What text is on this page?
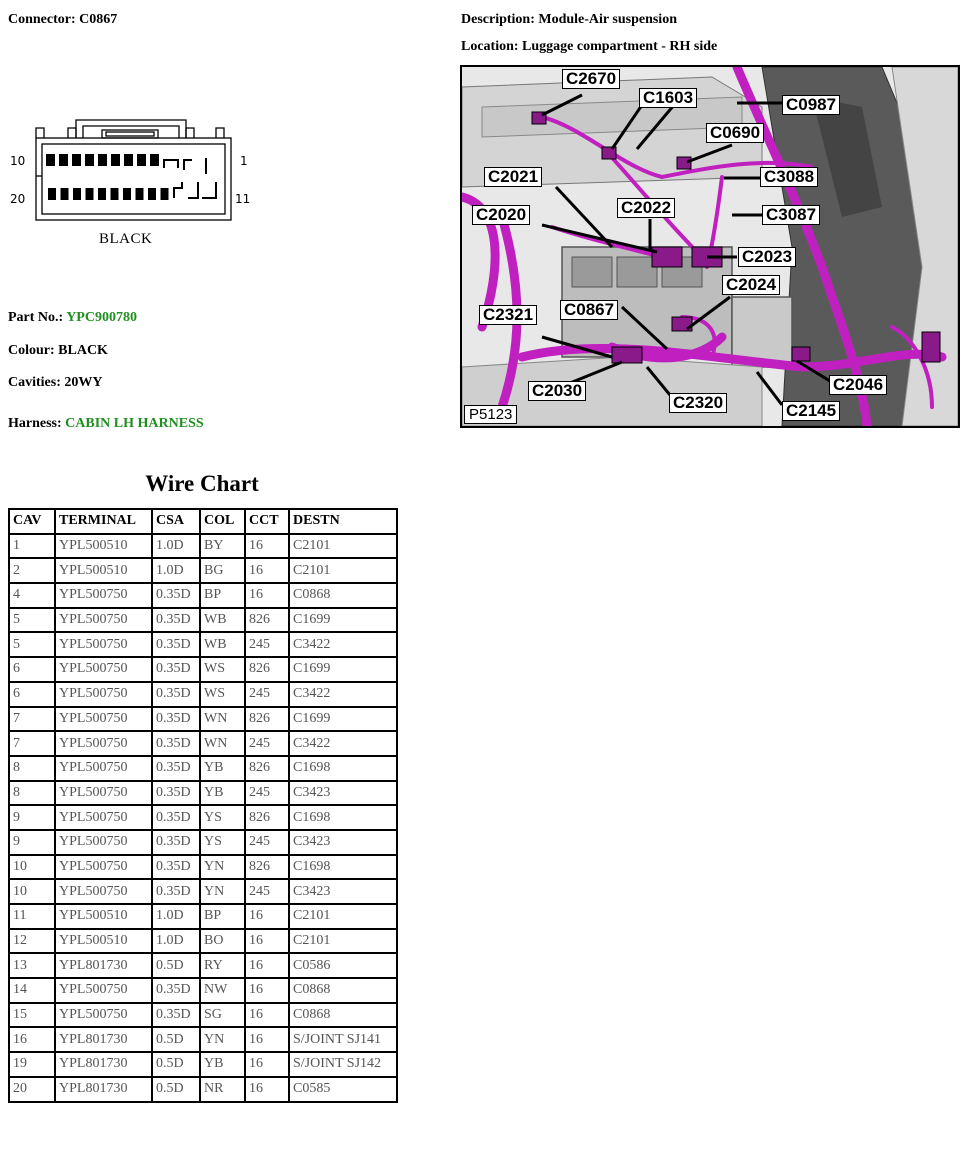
Connector: C0867	Description: Module-Air suspension
Location: Luggage compartment - RH side
10	1
20	11
BLACK
Part No.: YPC900780
Colour: BLACK
Cavities: 20WY
Harness: CABIN LH HARNESS
C2670
C1603	C0987
C0690
C2021	C3088
C2022
C2020	C3087
C2023
C2024
C0867
C2321
C2030
C2320
C2046
C2145
P5123
Wire Chart
CAV	TERMINAL	CSA	COL	CCT	DESTN
1	YPL500510	1.0D	BY	16	C2101
2	YPL500510	1.0D	BG	16	C2101
4	YPL500750	0.35D	BP	16	C0868
5	YPL500750	0.35D	WB	826	C1699
5	YPL500750	0.35D	WB	245	C3422
6	YPL500750	0.35D	WS	826	C1699
6	YPL500750	0.35D	WS	245	C3422
7	YPL500750	0.35D	WN	826	C1699
7	YPL500750	0.35D	WN	245	C3422
8	YPL500750	0.35D	YB	826	C1698
8	YPL500750	0.35D	YB	245	C3423
9	YPL500750	0.35D	YS	826	C1698
9	YPL500750	0.35D	YS	245	C3423
10	YPL500750	0.35D	YN	826	C1698
10	YPL500750	0.35D	YN	245	C3423
11	YPL500510	1.0D	BP	16	C2101
12	YPL500510	1.0D	BO	16	C2101
13	YPL801730	0.5D	RY	16	C0586
14	YPL500750	0.35D	NW	16	C0868
15	YPL500750	0.35D	SG	16	C0868
16	YPL801730	0.5D	YN	16	S/JOINT SJ141
19	YPL801730	0.5D	YB	16	S/JOINT SJ142
20	YPL801730	0.5D	NR	16	C0585
